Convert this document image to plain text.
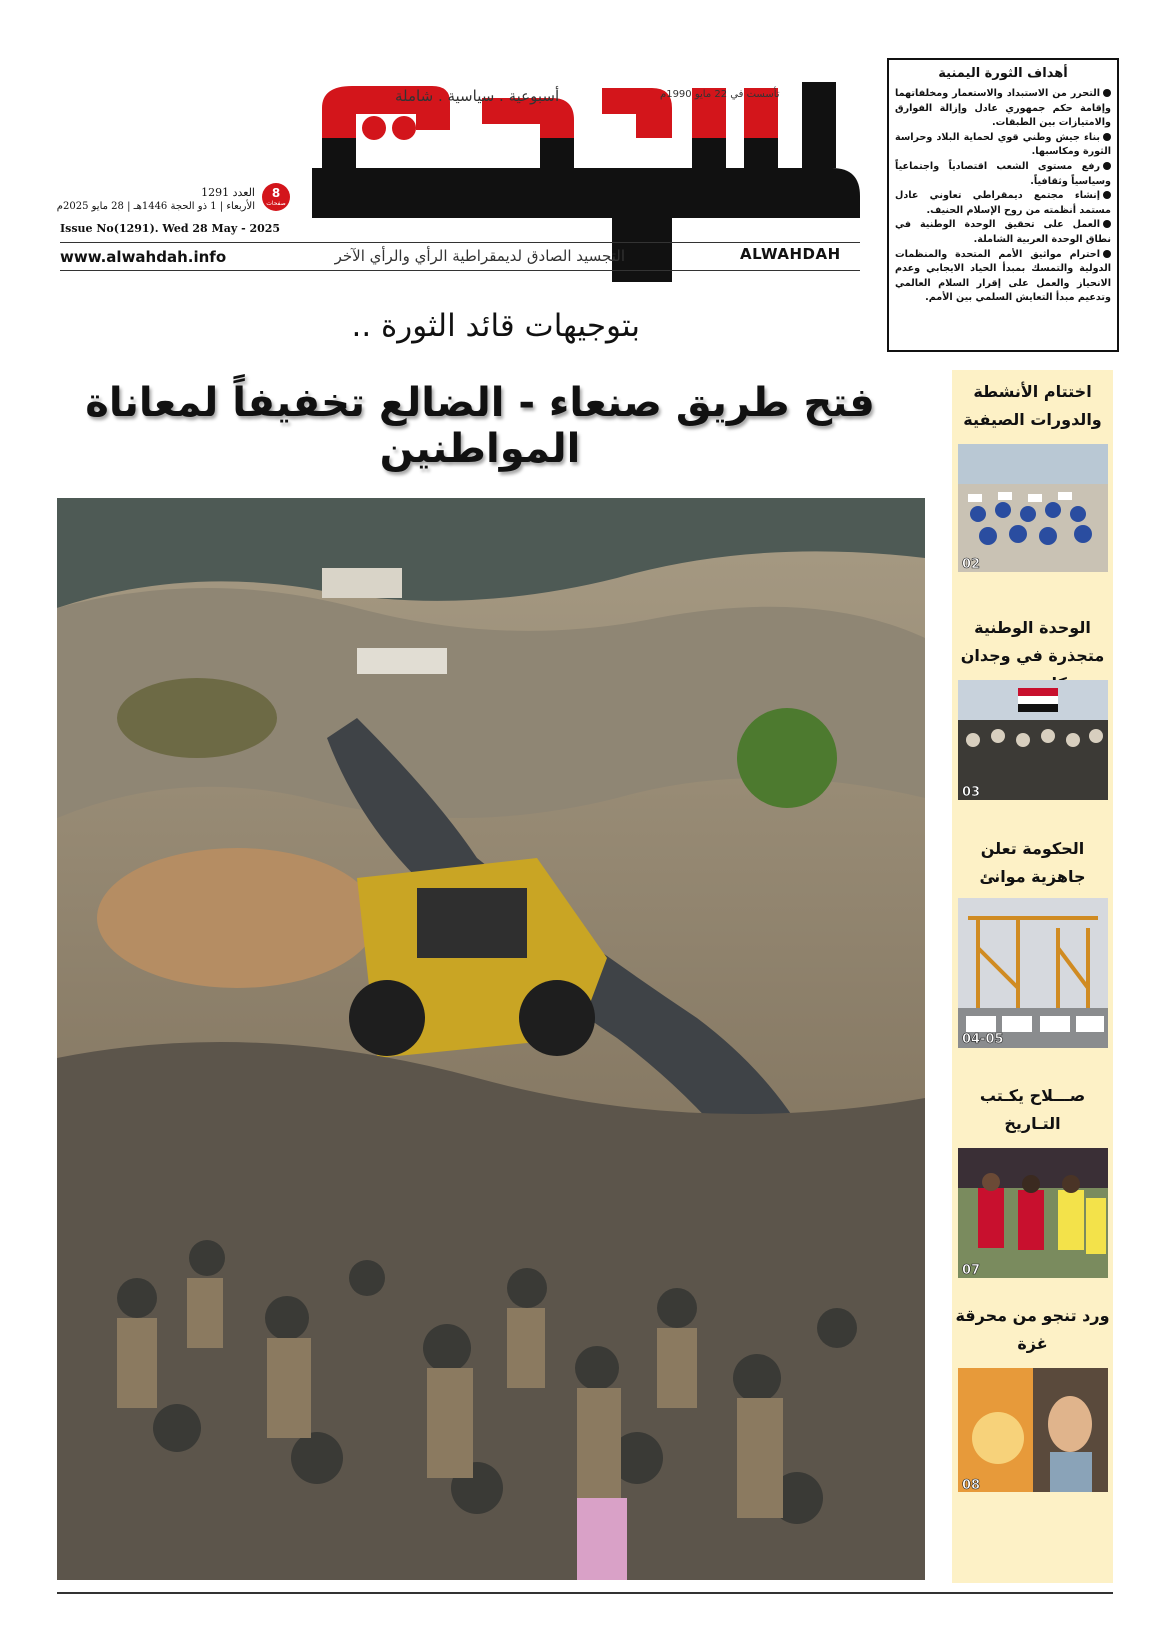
أهداف الثورة اليمنية
التحرر من الاستبداد والاستعمار ومخلفاتهما وإقامة حكم جمهوري عادل وإزالة الفوارق والامتيازات بين الطبقات.
بناء جيش وطني قوي لحماية البلاد وحراسة الثورة ومكاسبها.
رفع مستوى الشعب اقتصادياً واجتماعياً وسياسياً وثقافياً.
إنشاء مجتمع ديمقراطي تعاوني عادل مستمد أنظمته من روح الإسلام الحنيف.
العمل على تحقيق الوحدة الوطنية في نطاق الوحدة العربية الشاملة.
احترام مواثيق الأمم المتحدة والمنظمات الدولية والتمسك بمبدأ الحياد الايجابي وعدم الانحياز والعمل على إقرار السلام العالمي وتدعيم مبدأ التعايش السلمي بين الأمم.
الوحدة
أسبوعية . سياسية . شاملة	تأسست في 22 مايو 1990م
ALWAHDAH
8
صفحات
العدد 1291
الأربعاء | 1 ذو الحجة 1446هـ | 28 مايو 2025م
Issue No(1291). Wed 28 May - 2025
التجسيد الصادق لديمقراطية الرأي والرأي الآخر
www.alwahdah.info
بتوجيهات قائد الثورة ..
فتح طريق صنعاء - الضالع تخفيفاً لمعاناة المواطنين
اختتام الأنشطة والدورات الصيفية
02
الوحدة الوطنية متجذرة في وجدان
03
الحكومة تعلن جاهزية موانئ
04-05
صـــلاح يكـتب التـاريخ
07
ورد تنجو من محرقة غزة
08
